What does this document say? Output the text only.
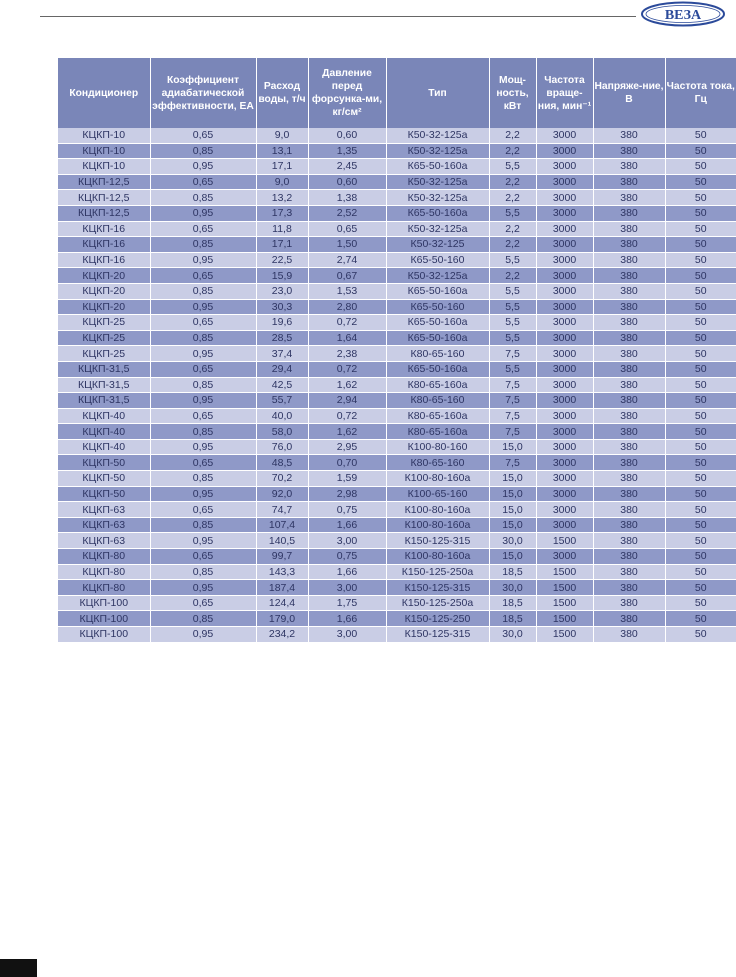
ВЕЗА
Кондиционер	Коэффициент адиабатической эффективности, ЕА	Расход воды, т/ч	Давление перед форсунка-ми, кг/см²	Тип	Мощ-ность, кВт	Частота враще-ния, мин⁻¹	Напряже-ние, В	Частота тока, Гц
КЦКП-10	0,65	9,0	0,60	К50-32-125а	2,2	3000	380	50
КЦКП-10	0,85	13,1	1,35	К50-32-125а	2,2	3000	380	50
КЦКП-10	0,95	17,1	2,45	К65-50-160а	5,5	3000	380	50
КЦКП-12,5	0,65	9,0	0,60	К50-32-125а	2,2	3000	380	50
КЦКП-12,5	0,85	13,2	1,38	К50-32-125а	2,2	3000	380	50
КЦКП-12,5	0,95	17,3	2,52	К65-50-160а	5,5	3000	380	50
КЦКП-16	0,65	11,8	0,65	К50-32-125а	2,2	3000	380	50
КЦКП-16	0,85	17,1	1,50	К50-32-125	2,2	3000	380	50
КЦКП-16	0,95	22,5	2,74	К65-50-160	5,5	3000	380	50
КЦКП-20	0,65	15,9	0,67	К50-32-125а	2,2	3000	380	50
КЦКП-20	0,85	23,0	1,53	К65-50-160а	5,5	3000	380	50
КЦКП-20	0,95	30,3	2,80	К65-50-160	5,5	3000	380	50
КЦКП-25	0,65	19,6	0,72	К65-50-160а	5,5	3000	380	50
КЦКП-25	0,85	28,5	1,64	К65-50-160а	5,5	3000	380	50
КЦКП-25	0,95	37,4	2,38	К80-65-160	7,5	3000	380	50
КЦКП-31,5	0,65	29,4	0,72	К65-50-160а	5,5	3000	380	50
КЦКП-31,5	0,85	42,5	1,62	К80-65-160а	7,5	3000	380	50
КЦКП-31,5	0,95	55,7	2,94	К80-65-160	7,5	3000	380	50
КЦКП-40	0,65	40,0	0,72	К80-65-160а	7,5	3000	380	50
КЦКП-40	0,85	58,0	1,62	К80-65-160а	7,5	3000	380	50
КЦКП-40	0,95	76,0	2,95	К100-80-160	15,0	3000	380	50
КЦКП-50	0,65	48,5	0,70	К80-65-160	7,5	3000	380	50
КЦКП-50	0,85	70,2	1,59	К100-80-160а	15,0	3000	380	50
КЦКП-50	0,95	92,0	2,98	К100-65-160	15,0	3000	380	50
КЦКП-63	0,65	74,7	0,75	К100-80-160а	15,0	3000	380	50
КЦКП-63	0,85	107,4	1,66	К100-80-160а	15,0	3000	380	50
КЦКП-63	0,95	140,5	3,00	К150-125-315	30,0	1500	380	50
КЦКП-80	0,65	99,7	0,75	К100-80-160а	15,0	3000	380	50
КЦКП-80	0,85	143,3	1,66	К150-125-250а	18,5	1500	380	50
КЦКП-80	0,95	187,4	3,00	К150-125-315	30,0	1500	380	50
КЦКП-100	0,65	124,4	1,75	К150-125-250а	18,5	1500	380	50
КЦКП-100	0,85	179,0	1,66	К150-125-250	18,5	1500	380	50
КЦКП-100	0,95	234,2	3,00	К150-125-315	30,0	1500	380	50
